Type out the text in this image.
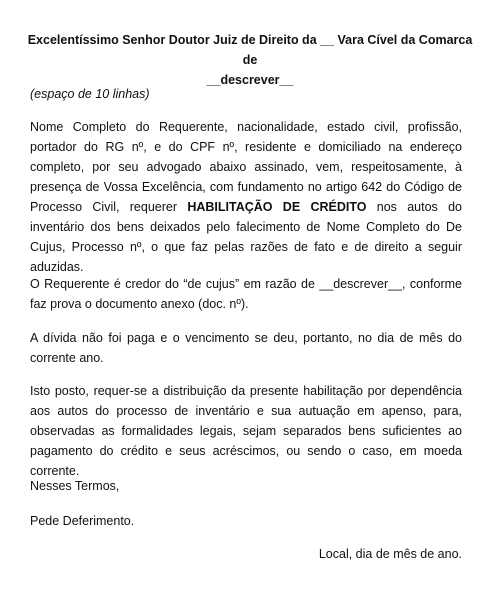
Excelentíssimo Senhor Doutor Juiz de Direito da __ Vara Cível da Comarca de
__descrever__
(espaço de 10 linhas)
Nome Completo do Requerente, nacionalidade, estado civil, profissão, portador do RG nº, e do CPF nº, residente e domiciliado na endereço completo, por seu advogado abaixo assinado, vem, respeitosamente, à presença de Vossa Excelência, com fundamento no artigo 642 do Código de Processo Civil, requerer HABILITAÇÃO DE CRÉDITO nos autos do inventário dos bens deixados pelo falecimento de Nome Completo do De Cujus, Processo nº, o que faz pelas razões de fato e de direito a seguir aduzidas.
O Requerente é credor do “de cujus” em razão de __descrever__, conforme faz prova o documento anexo (doc. nº).
A dívida não foi paga e o vencimento se deu, portanto, no dia de mês do corrente ano.
Isto posto, requer-se a distribuição da presente habilitação por dependência aos autos do processo de inventário e sua autuação em apenso, para, observadas as formalidades legais, sejam separados bens suficientes ao pagamento do crédito e seus acréscimos, ou sendo o caso, em moeda corrente.
Nesses Termos,
Pede Deferimento.
Local, dia de mês de ano.
